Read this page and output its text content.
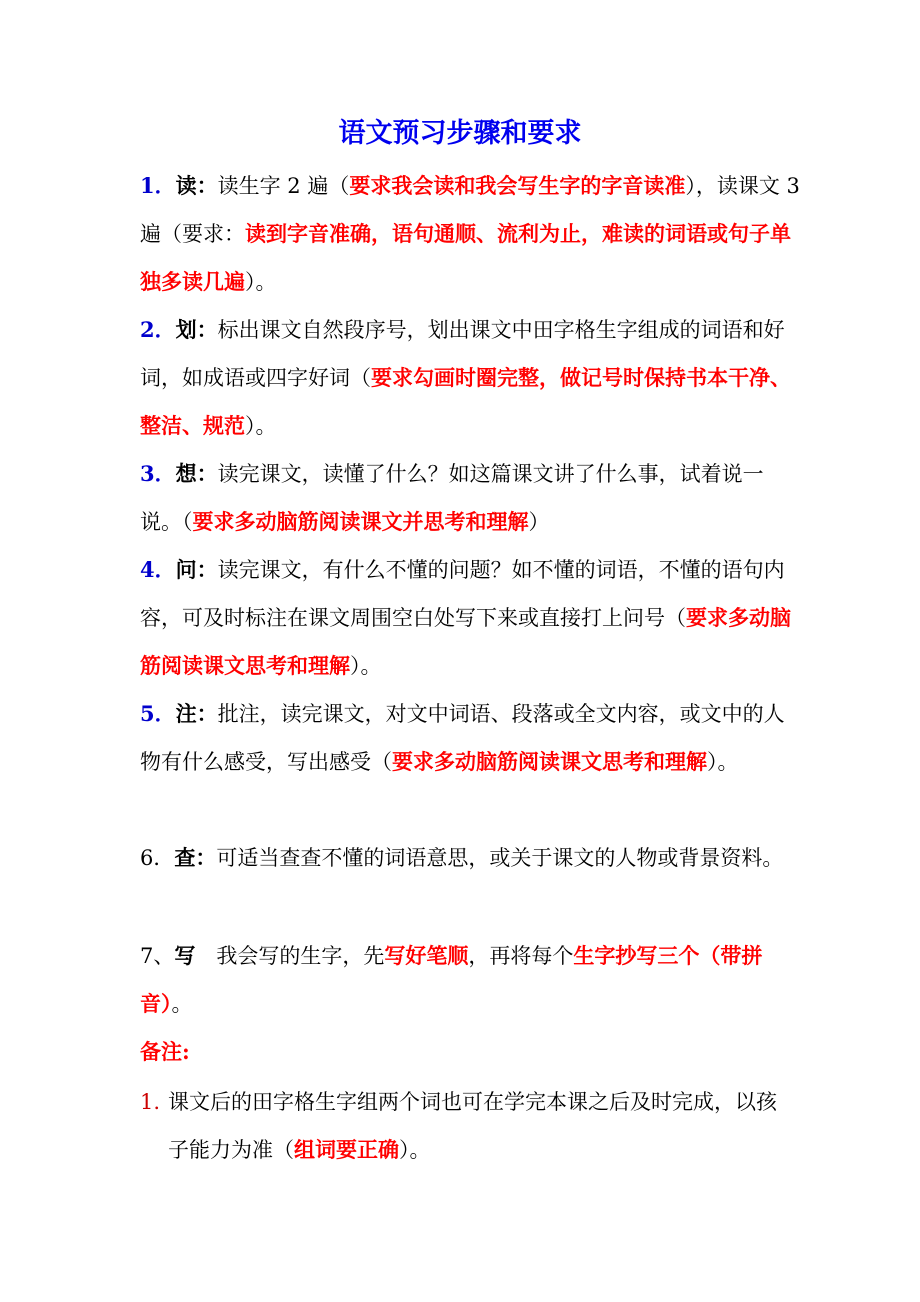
语文预习步骤和要求
1．读：读生字 2 遍（要求我会读和我会写生字的字音读准），读课文 3 遍（要求：读到字音准确，语句通顺、流利为止，难读的词语或句子单独多读几遍）。
2．划：标出课文自然段序号，划出课文中田字格生字组成的词语和好词，如成语或四字好词（要求勾画时圈完整，做记号时保持书本干净、整洁、规范）。
3．想：读完课文，读懂了什么？如这篇课文讲了什么事，试着说一说。（要求多动脑筋阅读课文并思考和理解）
4．问：读完课文，有什么不懂的问题？如不懂的词语，不懂的语句内容，可及时标注在课文周围空白处写下来或直接打上问号（要求多动脑筋阅读课文思考和理解）。
5．注：批注，读完课文，对文中词语、段落或全文内容，或文中的人物有什么感受，写出感受（要求多动脑筋阅读课文思考和理解）。
6．查：可适当查查不懂的词语意思，或关于课文的人物或背景资料。
7、写　我会写的生字，先写好笔顺，再将每个生字抄写三个（带拼音）。
备注:
1. 课文后的田字格生字组两个词也可在学完本课之后及时完成，以孩子能力为准（组词要正确）。
